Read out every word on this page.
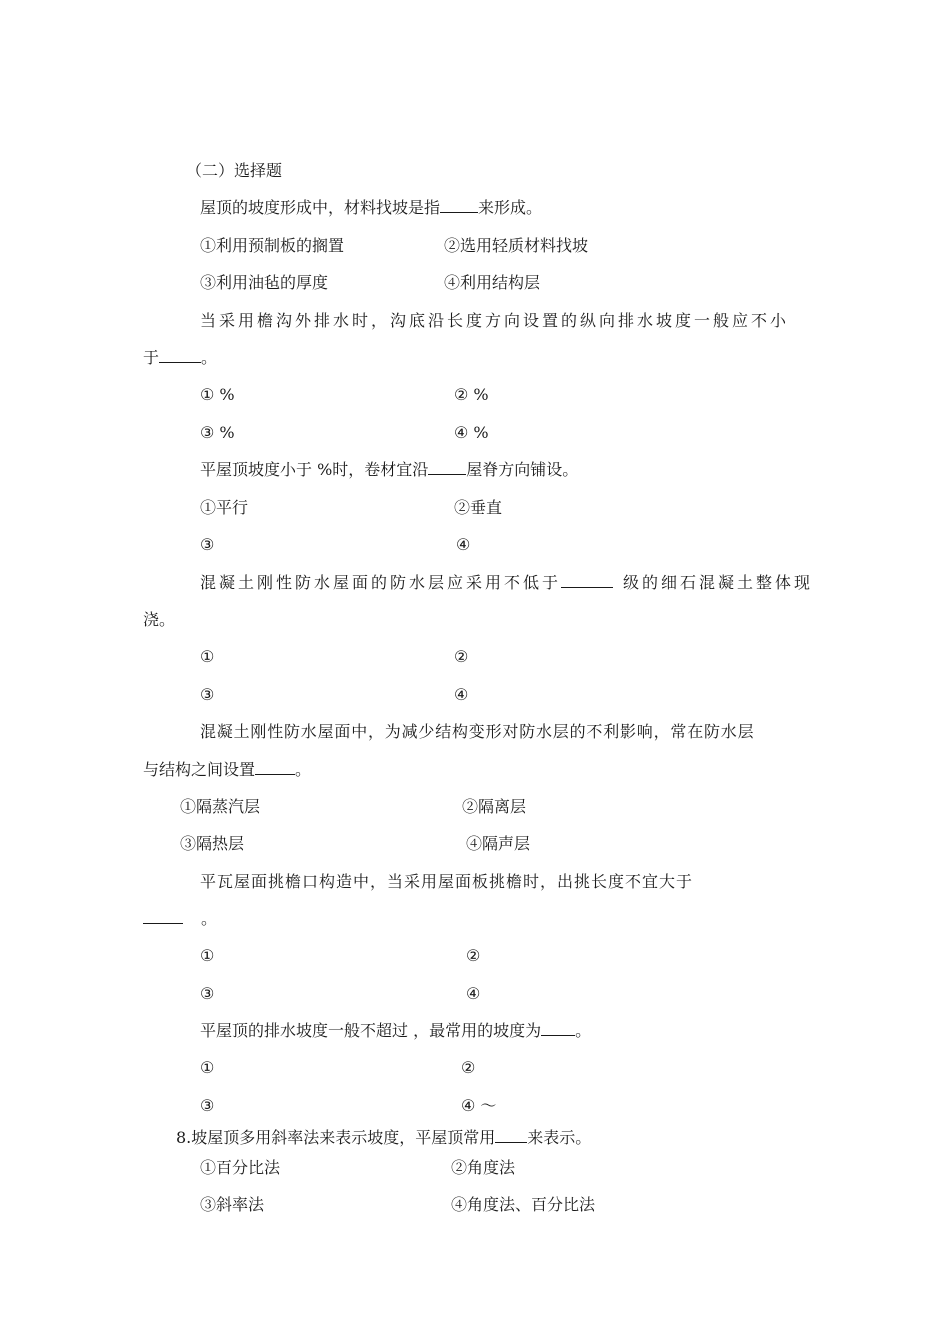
（二）选择题
屋顶的坡度形成中，材料找坡是指 来形成。
①利用预制板的搁置	②选用轻质材料找坡
③利用油毡的厚度	④利用结构层
当采用檐沟外排水时，沟底沿长度方向设置的纵向排水坡度一般应不小
于	。
① %	② %
③ %	④ %
平屋顶坡度小于 %时，卷材宜沿 屋脊方向铺设。
①平行	②垂直
③	④
混凝土刚性防水屋面的防水层应采用不低于	级的细石混凝土整体现
浇。
①	②
③	④
混凝土刚性防水屋面中，为减少结构变形对防水层的不利影响，常在防水层
与结构之间设置	。
①隔蒸汽层	②隔离层
③隔热层	④隔声层
平瓦屋面挑檐口构造中，当采用屋面板挑檐时，出挑长度不宜大于
。
①	②
③	④
平屋顶的排水坡度一般不超过 ，最常用的坡度为 。
①	②
③	④ ～
8.坡屋顶多用斜率法来表示坡度，平屋顶常用 来表示。
①百分比法	②角度法
③斜率法	④角度法、百分比法
